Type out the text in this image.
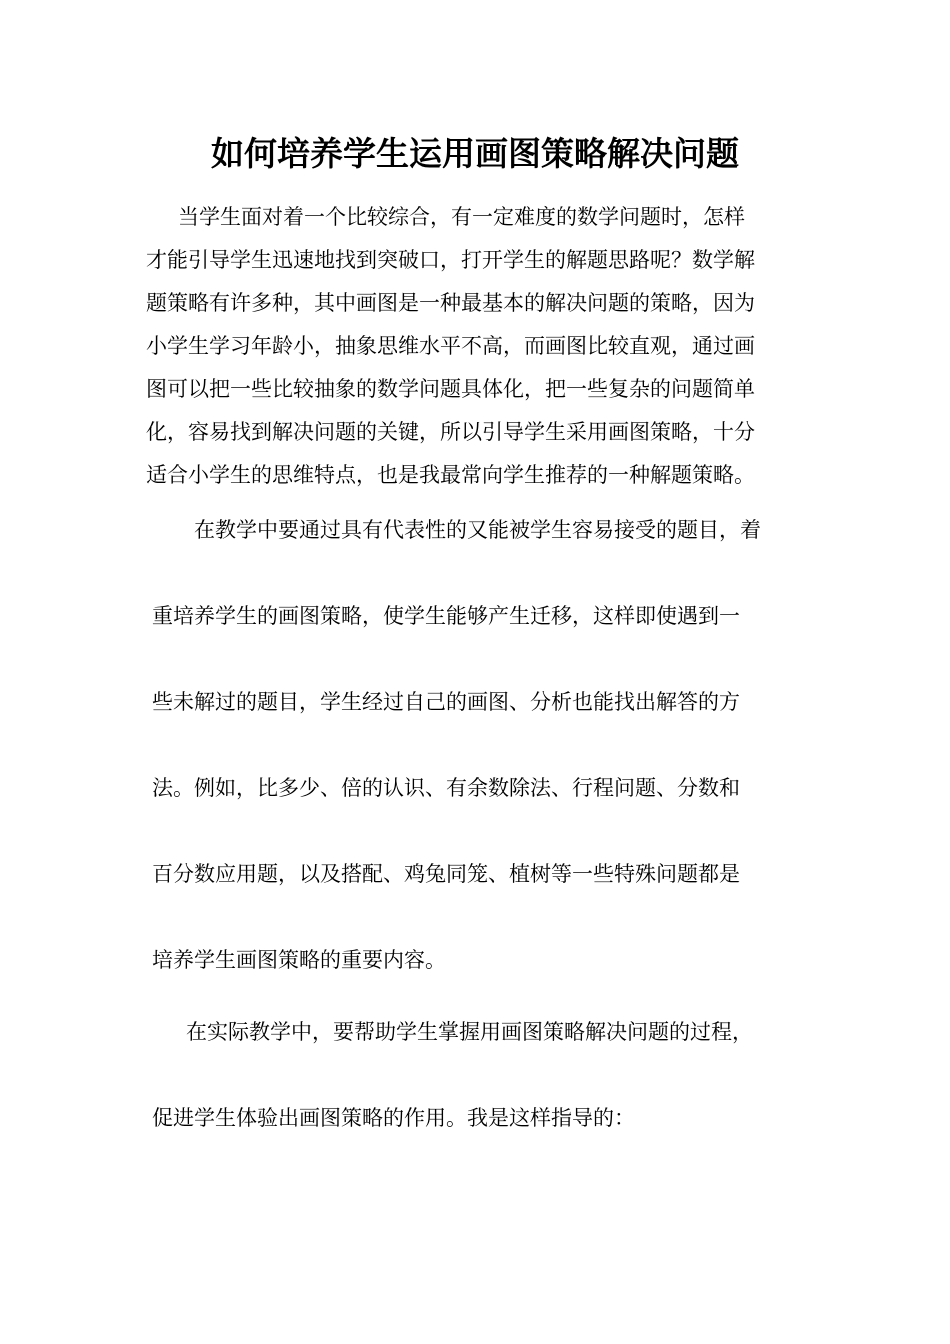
如何培养学生运用画图策略解决问题
当学生面对着一个比较综合，有一定难度的数学问题时，怎样
才能引导学生迅速地找到突破口，打开学生的解题思路呢？数学解
题策略有许多种，其中画图是一种最基本的解决问题的策略，因为
小学生学习年龄小，抽象思维水平不高，而画图比较直观，通过画
图可以把一些比较抽象的数学问题具体化，把一些复杂的问题简单
化，容易找到解决问题的关键，所以引导学生采用画图策略，十分
适合小学生的思维特点，也是我最常向学生推荐的一种解题策略。
在教学中要通过具有代表性的又能被学生容易接受的题目，着
重培养学生的画图策略，使学生能够产生迁移，这样即使遇到一
些未解过的题目，学生经过自己的画图、分析也能找出解答的方
法。例如，比多少、倍的认识、有余数除法、行程问题、分数和
百分数应用题，以及搭配、鸡兔同笼、植树等一些特殊问题都是
培养学生画图策略的重要内容。
在实际教学中，要帮助学生掌握用画图策略解决问题的过程，
促进学生体验出画图策略的作用。我是这样指导的：
